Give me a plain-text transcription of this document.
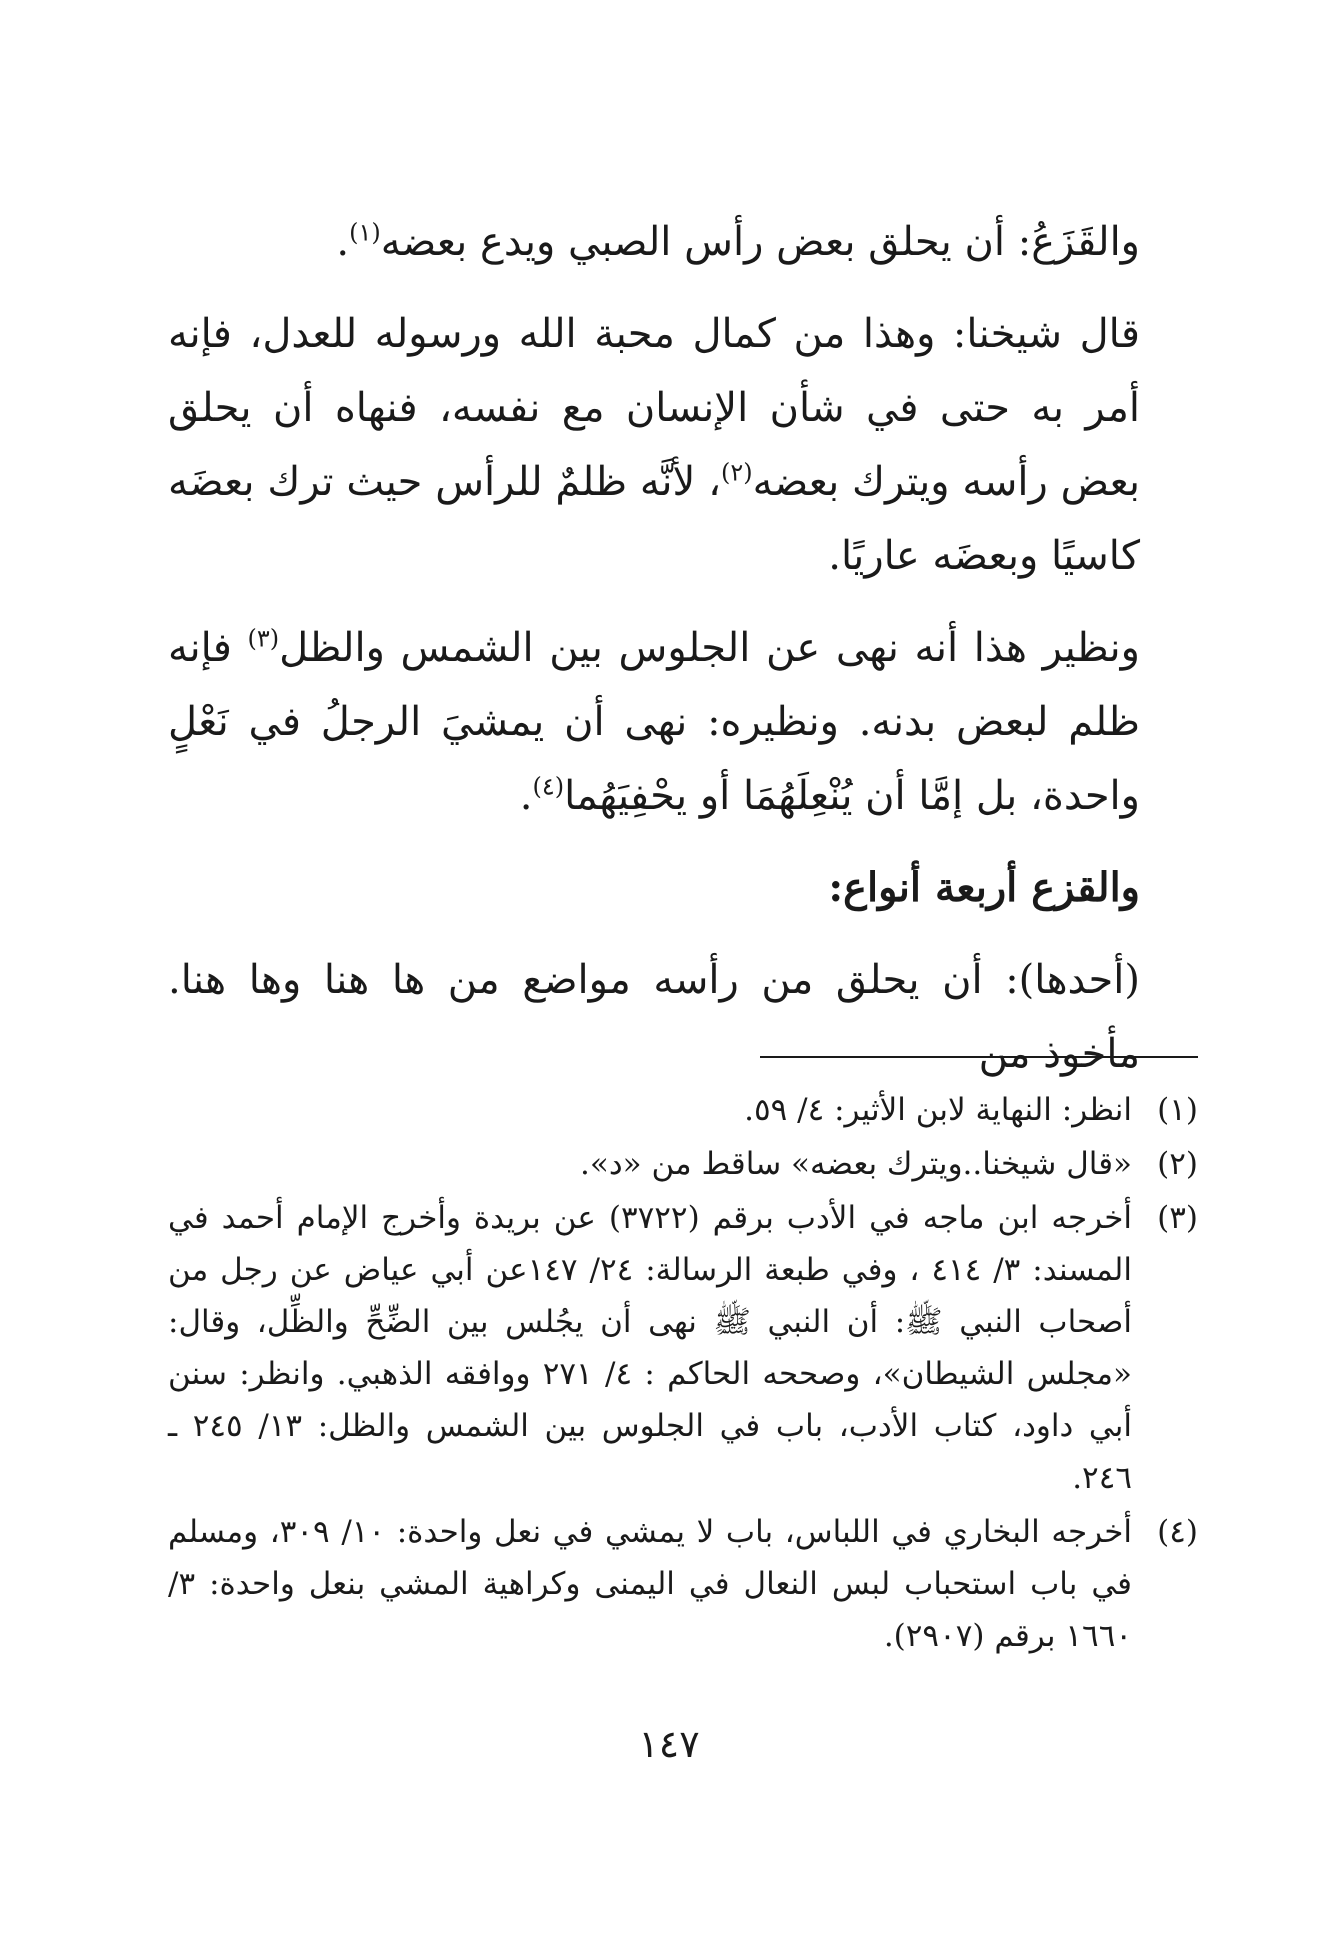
والقَزَعُ: أن يحلق بعض رأس الصبي ويدع بعضه$^{(١)}$.

قال شيخنا: وهذا من كمال محبة الله ورسوله للعدل، فإنه أمر به حتى في شأن الإنسان مع نفسه، فنهاه أن يحلق بعض رأسه ويترك بعضه$^{(٢)}$، لأنَّه ظلمٌ للرأس حيث ترك بعضَه كاسيًا وبعضَه عاريًا.

ونظير هذا أنه نهى عن الجلوس بين الشمس والظل$^{(٣)}$ فإنه ظلم لبعض بدنه. ونظيره: نهى أن يمشيَ الرجلُ في نَعْلٍ واحدة، بل إمَّا أن يُنْعِلَهُمَا أو يحْفِيَهُما$^{(٤)}$.

والقزع أربعة أنواع:

(أحدها): أن يحلق من رأسه مواضع من ها هنا وها هنا. مأخوذ من

(١)
انظر: النهاية لابن الأثير: ٤/ ٥٩.
(٢)
«قال شيخنا..ويترك بعضه» ساقط من «د».
(٣)
أخرجه ابن ماجه في الأدب برقم (٣٧٢٢) عن بريدة وأخرج الإمام أحمد في المسند: ٣/ ٤١٤ ، وفي طبعة الرسالة: ٢٤/ ١٤٧عن أبي عياض عن رجل من أصحاب النبي ﷺ: أن النبي ﷺ نهى أن يجُلس بين الضِّحِّ والظِّل، وقال: «مجلس الشيطان»، وصححه الحاكم : ٤/ ٢٧١ ووافقه الذهبي. وانظر: سنن أبي داود، كتاب الأدب، باب في الجلوس بين الشمس والظل: ١٣/ ٢٤٥ ـ ٢٤٦.
(٤)
أخرجه البخاري في اللباس، باب لا يمشي في نعل واحدة: ١٠/ ٣٠٩، ومسلم في باب استحباب لبس النعال في اليمنى وكراهية المشي بنعل واحدة: ٣/ ١٦٦٠ برقم (٢٩٠٧).
١٤٧
